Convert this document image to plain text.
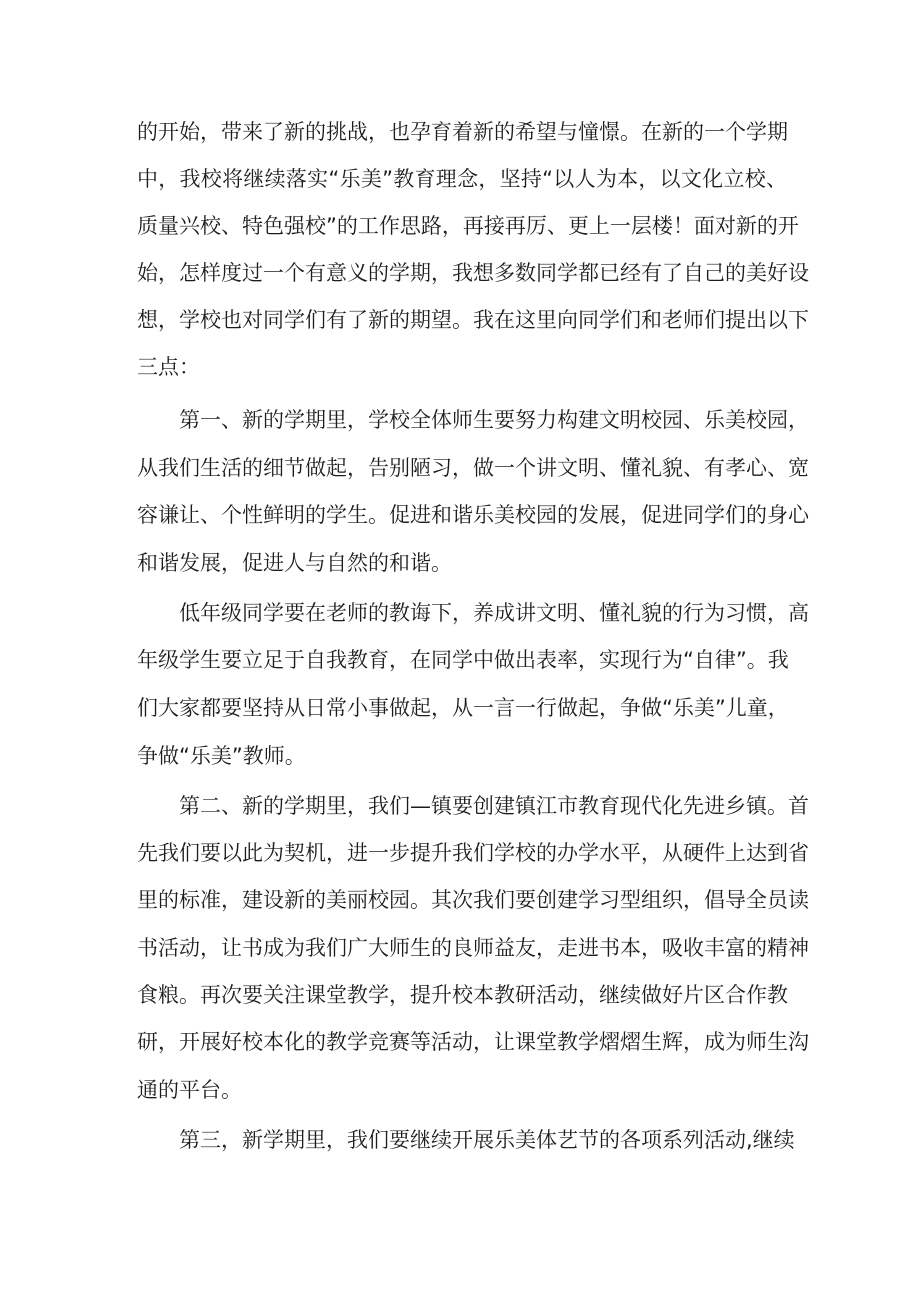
的开始，带来了新的挑战，也孕育着新的希望与憧憬。在新的一个学期
中，我校将继续落实“乐美”教育理念，坚持“以人为本，以文化立校、
质量兴校、特色强校”的工作思路，再接再厉、更上一层楼！面对新的开
始，怎样度过一个有意义的学期，我想多数同学都已经有了自己的美好设
想，学校也对同学们有了新的期望。我在这里向同学们和老师们提出以下
三点：
　　第一、新的学期里，学校全体师生要努力构建文明校园、乐美校园，
从我们生活的细节做起，告别陋习，做一个讲文明、懂礼貌、有孝心、宽
容谦让、个性鲜明的学生。促进和谐乐美校园的发展，促进同学们的身心
和谐发展，促进人与自然的和谐。
　　低年级同学要在老师的教诲下，养成讲文明、懂礼貌的行为习惯，高
年级学生要立足于自我教育，在同学中做出表率，实现行为“自律”。我
们大家都要坚持从日常小事做起，从一言一行做起，争做“乐美”儿童，
争做“乐美”教师。
　　第二、新的学期里，我们—镇要创建镇江市教育现代化先进乡镇。首
先我们要以此为契机，进一步提升我们学校的办学水平，从硬件上达到省
里的标准，建设新的美丽校园。其次我们要创建学习型组织，倡导全员读
书活动，让书成为我们广大师生的良师益友，走进书本，吸收丰富的精神
食粮。再次要关注课堂教学，提升校本教研活动，继续做好片区合作教
研，开展好校本化的教学竞赛等活动，让课堂教学熠熠生辉，成为师生沟
通的平台。
　　第三，新学期里，我们要继续开展乐美体艺节的各项系列活动,继续
